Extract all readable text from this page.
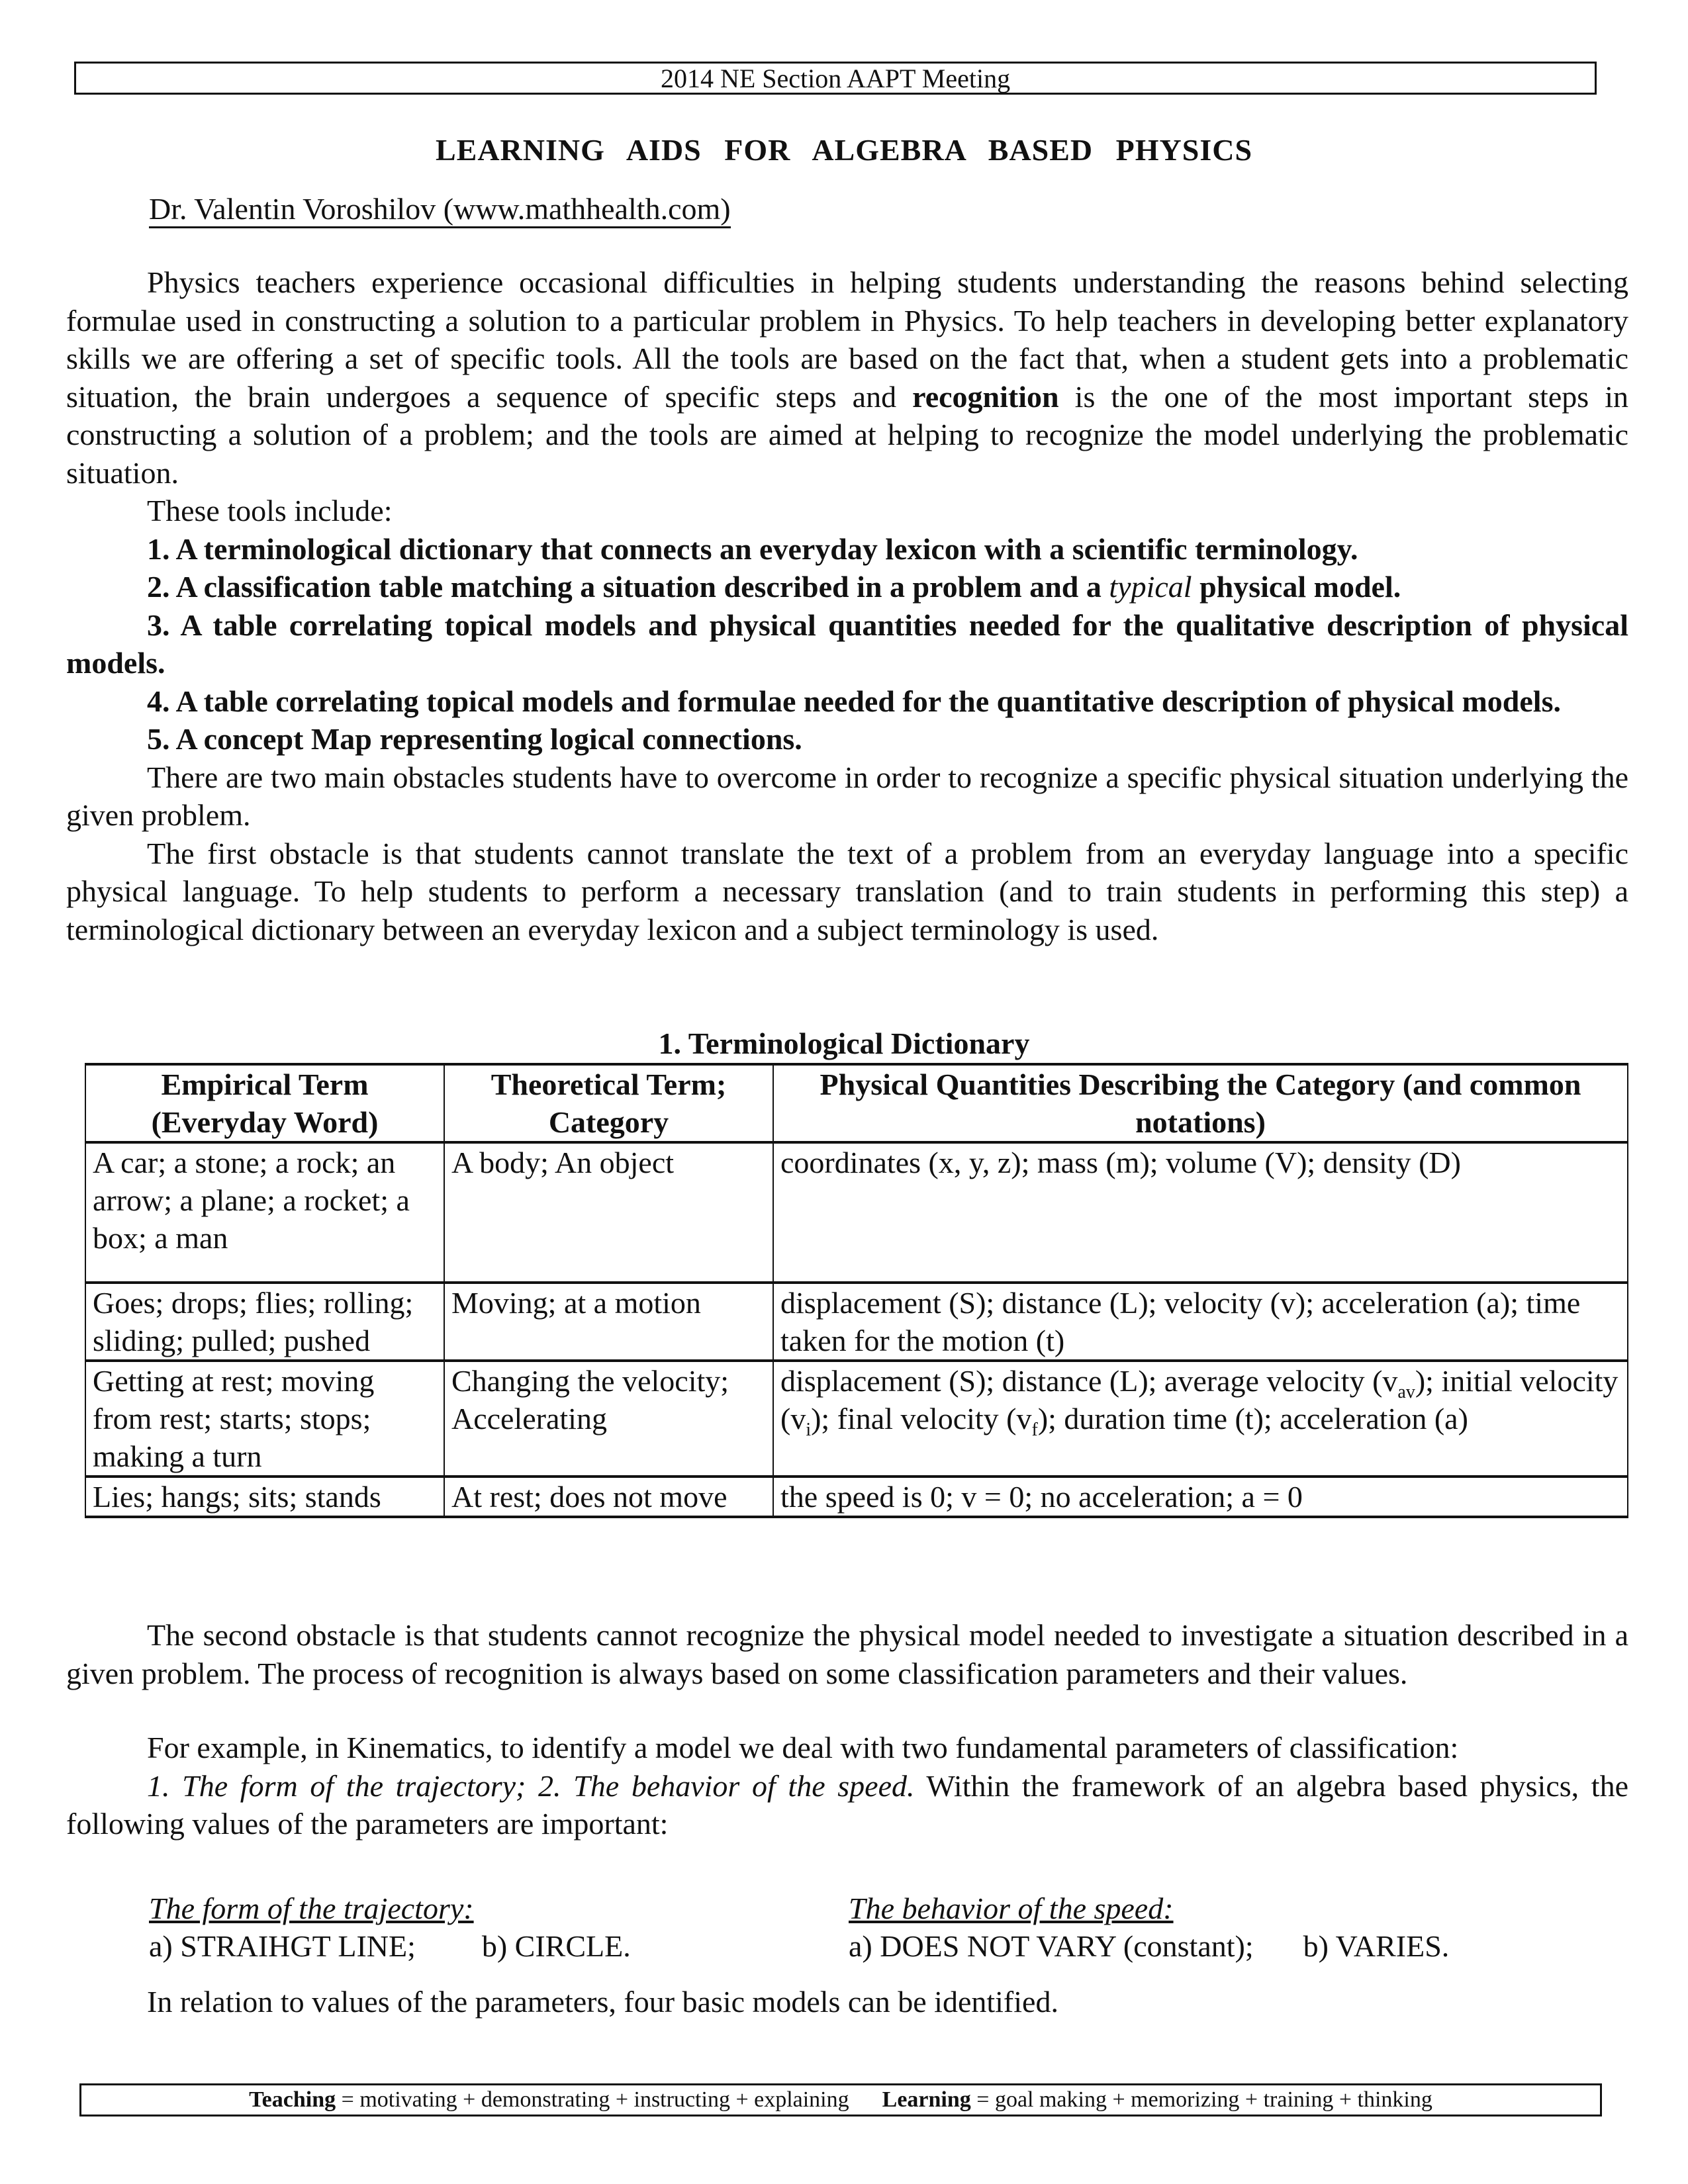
2014 NE Section AAPT Meeting
LEARNING AIDS FOR ALGEBRA BASED PHYSICS
Dr. Valentin Voroshilov (www.mathhealth.com)

Physics teachers experience occasional difficulties in helping students understanding the reasons behind selecting formulae used in constructing a solution to a particular problem in Physics. To help teachers in developing better explanatory skills we are offering a set of specific tools. All the tools are based on the fact that, when a student gets into a problematic situation, the brain undergoes a sequence of specific steps and recognition is the one of the most important steps in constructing a solution of a problem; and the tools are aimed at helping to recognize the model underlying the problematic situation.

These tools include:

1. A terminological dictionary that connects an everyday lexicon with a scientific terminology.

2. A classification table matching a situation described in a problem and a typical physical model.

3. A table correlating topical models and physical quantities needed for the qualitative description of physical models.

4. A table correlating topical models and formulae needed for the quantitative description of physical models.

5. A concept Map representing logical connections.

There are two main obstacles students have to overcome in order to recognize a specific physical situation underlying the given problem.

The first obstacle is that students cannot translate the text of a problem from an everyday language into a specific physical language. To help students to perform a necessary translation (and to train students in performing this step) a terminological dictionary between an everyday lexicon and a subject terminology is used.

1. Terminological Dictionary
Empirical Term (Everyday Word)	Theoretical Term; Category	Physical Quantities Describing the Category (and common notations)
A car; a stone; a rock; an arrow; a plane; a rocket; a box; a man	A body; An object	coordinates (x, y, z); mass (m); volume (V); density (D)
Goes; drops; flies; rolling; sliding; pulled; pushed	Moving; at a motion	displacement (S); distance (L); velocity (v); acceleration (a); time taken for the motion (t)
Getting at rest; moving from rest; starts; stops; making a turn	Changing the velocity; Accelerating	displacement (S); distance (L); average velocity $(v_{av})$; initial velocity $(v_i)$; final velocity $(v_f)$; duration time (t); acceleration (a)
Lies; hangs; sits; stands	At rest; does not move	the speed is 0; v = 0; no acceleration; a = 0

The second obstacle is that students cannot recognize the physical model needed to investigate a situation described in a given problem. The process of recognition is always based on some classification parameters and their values.

For example, in Kinematics, to identify a model we deal with two fundamental parameters of classification:

1. The form of the trajectory; 2. The behavior of the speed. Within the framework of an algebra based physics, the following values of the parameters are important:

The form of the trajectory:
a) STRAIHGT LINE; b) CIRCLE.
The behavior of the speed:
a) DOES NOT VARY (constant); b) VARIES.

In relation to values of the parameters, four basic models can be identified.

Teaching = motivating + demonstrating + instructing + explaining Learning = goal making + memorizing + training + thinking
